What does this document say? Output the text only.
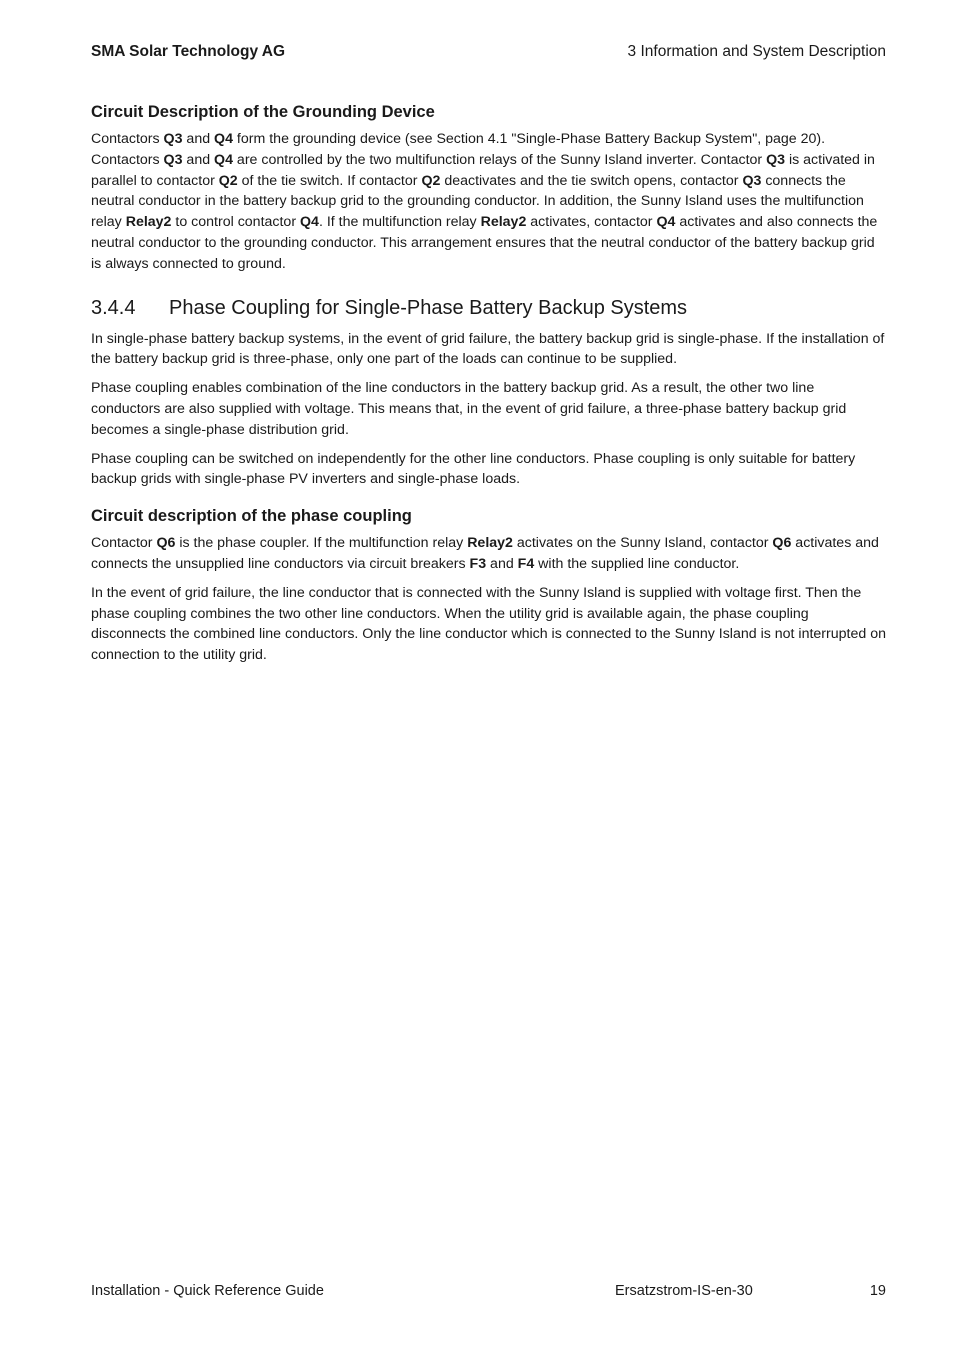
SMA Solar Technology AG	3 Information and System Description
Circuit Description of the Grounding Device

Contactors Q3 and Q4 form the grounding device (see Section 4.1 "Single-Phase Battery Backup System", page 20). Contactors Q3 and Q4 are controlled by the two multifunction relays of the Sunny Island inverter. Contactor Q3 is activated in parallel to contactor Q2 of the tie switch. If contactor Q2 deactivates and the tie switch opens, contactor Q3 connects the neutral conductor in the battery backup grid to the grounding conductor. In addition, the Sunny Island uses the multifunction relay Relay2 to control contactor Q4. If the multifunction relay Relay2 activates, contactor Q4 activates and also connects the neutral conductor to the grounding conductor. This arrangement ensures that the neutral conductor of the battery backup grid is always connected to ground.

3.4.4	Phase Coupling for Single-Phase Battery Backup Systems

In single-phase battery backup systems, in the event of grid failure, the battery backup grid is single-phase. If the installation of the battery backup grid is three-phase, only one part of the loads can continue to be supplied.

Phase coupling enables combination of the line conductors in the battery backup grid. As a result, the other two line conductors are also supplied with voltage. This means that, in the event of grid failure, a three-phase battery backup grid becomes a single-phase distribution grid.

Phase coupling can be switched on independently for the other line conductors. Phase coupling is only suitable for battery backup grids with single-phase PV inverters and single-phase loads.

Circuit description of the phase coupling

Contactor Q6 is the phase coupler. If the multifunction relay Relay2 activates on the Sunny Island, contactor Q6 activates and connects the unsupplied line conductors via circuit breakers F3 and F4 with the supplied line conductor.

In the event of grid failure, the line conductor that is connected with the Sunny Island is supplied with voltage first. Then the phase coupling combines the two other line conductors. When the utility grid is available again, the phase coupling disconnects the combined line conductors. Only the line conductor which is connected to the Sunny Island is not interrupted on connection to the utility grid.

Installation - Quick Reference Guide	Ersatzstrom-IS-en-30	19
